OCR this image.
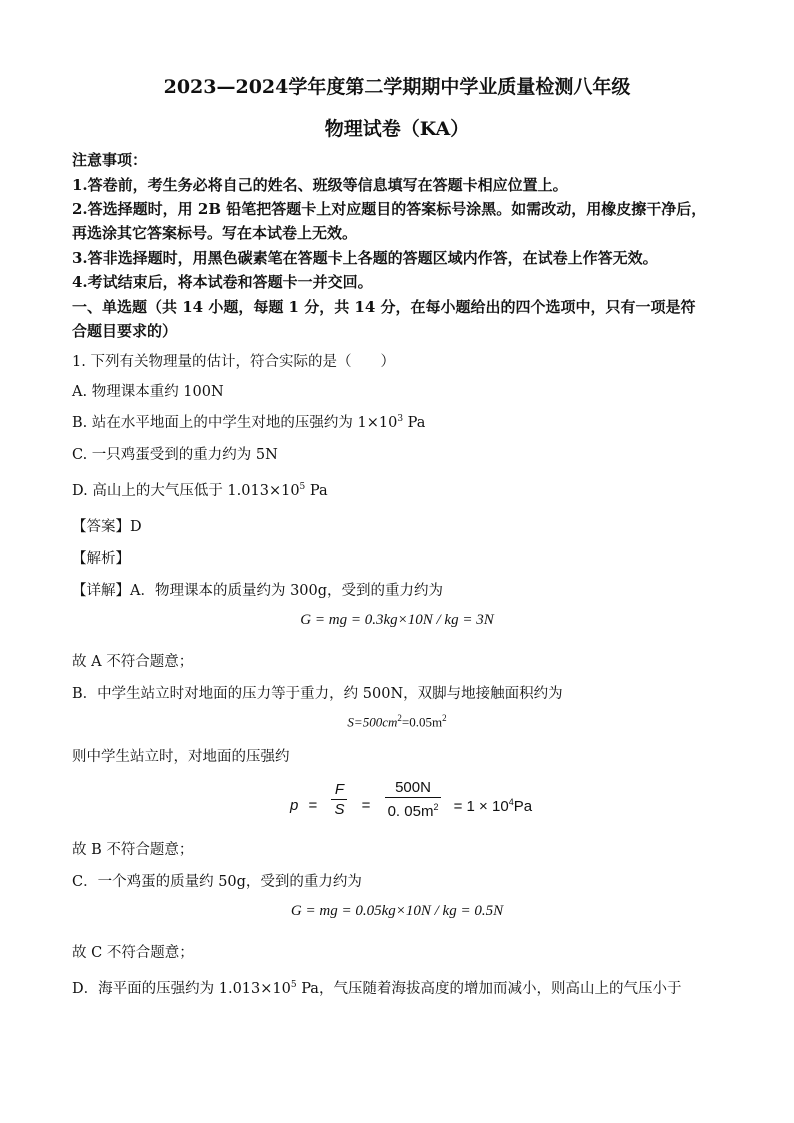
2023—2024学年度第二学期期中学业质量检测八年级
物理试卷（KA）
注意事项：
1.答卷前，考生务必将自己的姓名、班级等信息填写在答题卡相应位置上。
2.答选择题时，用 2B 铅笔把答题卡上对应题目的答案标号涂黑。如需改动，用橡皮擦干净后，
再选涂其它答案标号。写在本试卷上无效。
3.答非选择题时，用黑色碳素笔在答题卡上各题的答题区域内作答，在试卷上作答无效。
4.考试结束后，将本试卷和答题卡一并交回。
一、单选题（共 14 小题，每题 1 分，共 14 分，在每小题给出的四个选项中，只有一项是符
合题目要求的）
1. 下列有关物理量的估计，符合实际的是（　　）
A. 物理课本重约 100N
B. 站在水平地面上的中学生对地的压强约为 $1\times 10^3$ Pa
C. 一只鸡蛋受到的重力约为 5N
D. 高山上的大气压低于 $1.013\times 10^5$ Pa
【答案】D
【解析】
【详解】A．物理课本的质量约为 300g，受到的重力约为
G = mg = 0.3kg×10N / kg = 3N
故 A 不符合题意；
B．中学生站立时对地面的压力等于重力，约 500N，双脚与地接触面积约为
$S=500cm^2=0.05m^2$
则中学生站立时，对地面的压强约
$p = \frac{F}{S} = \frac{500N}{0. 05m^2} = 1 \times 10^4Pa$
故 B 不符合题意；
C．一个鸡蛋的质量约 50g，受到的重力约为
G = mg = 0.05kg×10N / kg = 0.5N
故 C 不符合题意；
D．海平面的压强约为 $1.013\times 10^5$ Pa，气压随着海拔高度的增加而减小，则高山上的气压小于
